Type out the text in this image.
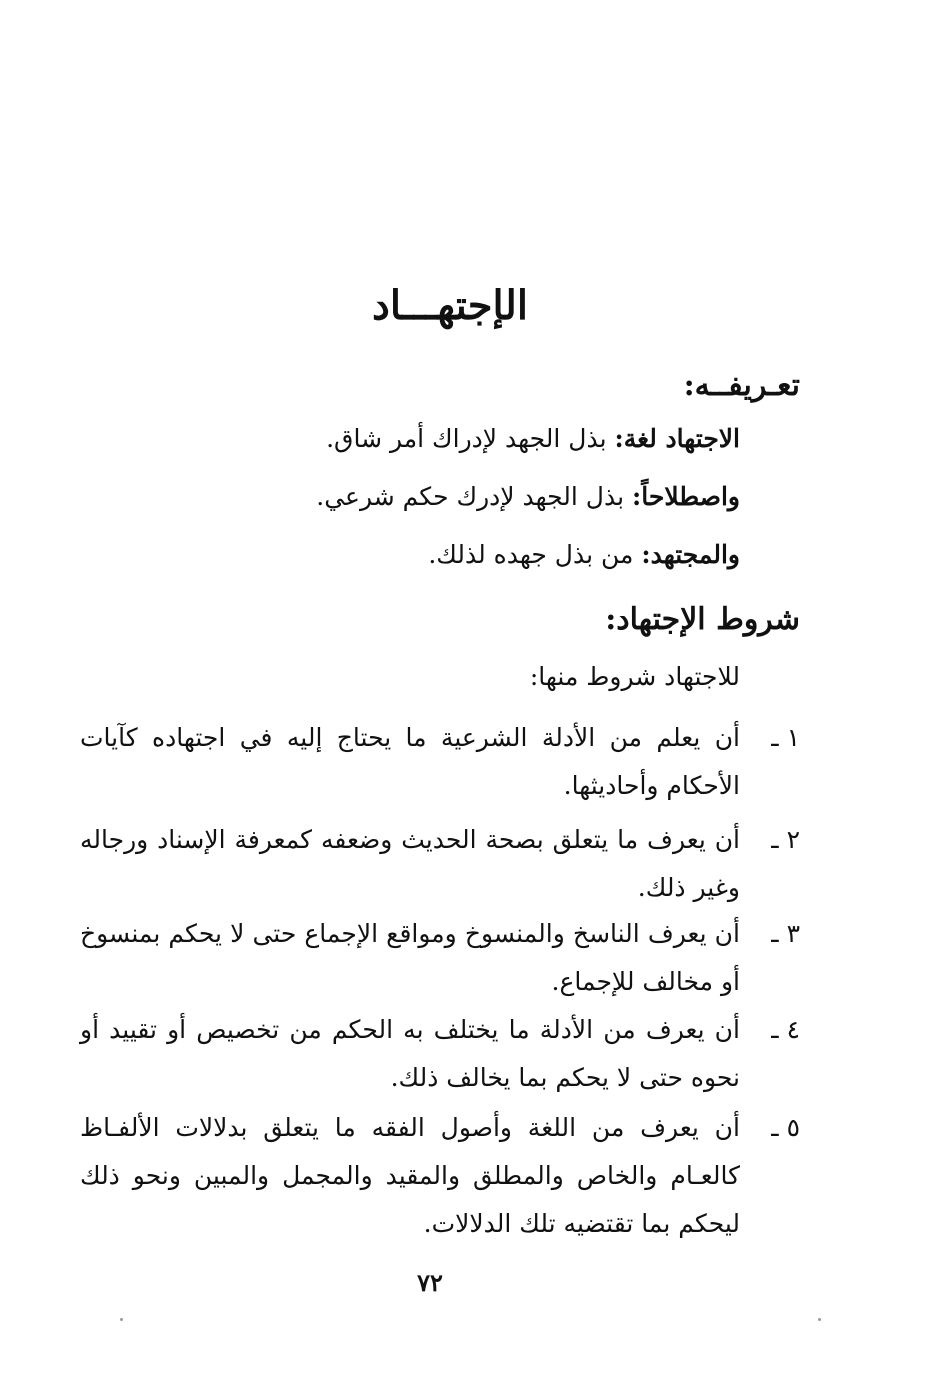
الإجتهـــاد
تعـريفــه:

الاجتهاد لغة: بذل الجهد لإدراك أمر شاق.

واصطلاحاً: بذل الجهد لإدرك حكم شرعي.

والمجتهد: من بذل جهده لذلك.

شروط الإجتهاد:

للاجتهاد شروط منها:

١ ـ
أن يعلم من الأدلة الشرعية ما يحتاج إليه في اجتهاده كآيات الأحكام وأحاديثها.
٢ ـ
أن يعرف ما يتعلق بصحة الحديث وضعفه كمعرفة الإسناد ورجاله وغير ذلك.
٣ ـ
أن يعرف الناسخ والمنسوخ ومواقع الإجماع حتى لا يحكم بمنسوخ أو مخالف للإجماع.
٤ ـ
أن يعرف من الأدلة ما يختلف به الحكم من تخصيص أو تقييد أو نحوه حتى لا يحكم بما يخالف ذلك.
٥ ـ
أن يعرف من اللغة وأصول الفقه ما يتعلق بدلالات الألفـاظ كالعـام والخاص والمطلق والمقيد والمجمل والمبين ونحو ذلك ليحكم بما تقتضيه تلك الدلالات.
٧٢
